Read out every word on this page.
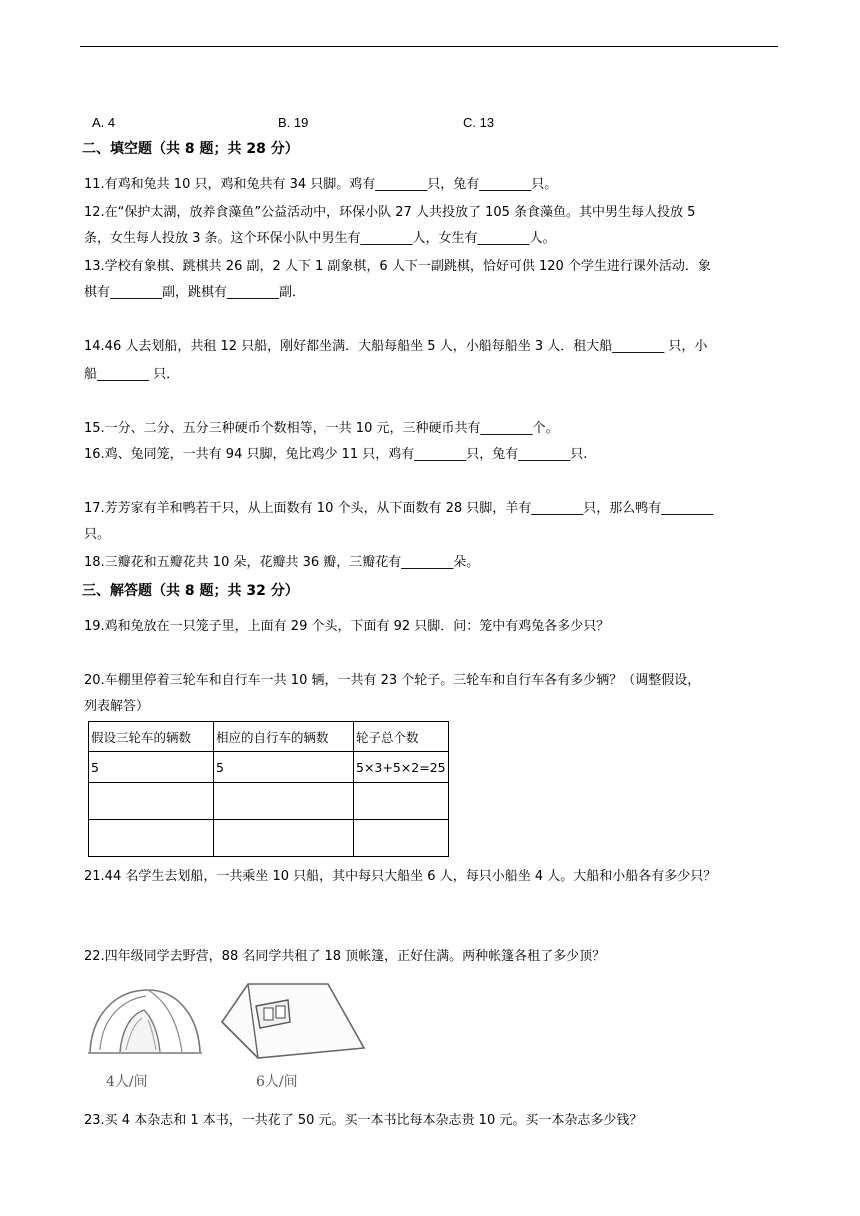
A. 4	B. 19	C. 13
二、填空题（共 8 题；共 28 分）
11.有鸡和兔共 10 只，鸡和兔共有 34 只脚。鸡有________只，兔有________只。
12.在“保护太湖，放养食藻鱼”公益活动中，环保小队 27 人共投放了 105 条食藻鱼。其中男生每人投放 5
条，女生每人投放 3 条。这个环保小队中男生有________人，女生有________人。
13.学校有象棋、跳棋共 26 副，2 人下 1 副象棋，6 人下一副跳棋，恰好可供 120 个学生进行课外活动．象
棋有________副，跳棋有________副．
14.46 人去划船，共租 12 只船，刚好都坐满．大船每船坐 5 人，小船每船坐 3 人．租大船________ 只，小
船________ 只．
15.一分、二分、五分三种硬币个数相等，一共 10 元，三种硬币共有________个。
16.鸡、兔同笼，一共有 94 只脚，兔比鸡少 11 只，鸡有________只，兔有________只.
17.芳芳家有羊和鸭若干只，从上面数有 10 个头，从下面数有 28 只脚，羊有________只，那么鸭有________
只。
18.三瓣花和五瓣花共 10 朵，花瓣共 36 瓣，三瓣花有________朵。
三、解答题（共 8 题；共 32 分）
19.鸡和兔放在一只笼子里，上面有 29 个头，下面有 92 只脚．问：笼中有鸡兔各多少只？
20.车棚里停着三轮车和自行车一共 10 辆，一共有 23 个轮子。三轮车和自行车各有多少辆？（调整假设，
列表解答）
假设三轮车的辆数	相应的自行车的辆数	轮子总个数
5	5	5×3+5×2=25

21.44 名学生去划船，一共乘坐 10 只船，其中每只大船坐 6 人，每只小船坐 4 人。大船和小船各有多少只？
22.四年级同学去野营，88 名同学共租了 18 顶帐篷，正好住满。两种帐篷各租了多少顶？
4人/间	6人/间
23.买 4 本杂志和 1 本书，一共花了 50 元。买一本书比每本杂志贵 10 元。买一本杂志多少钱？
